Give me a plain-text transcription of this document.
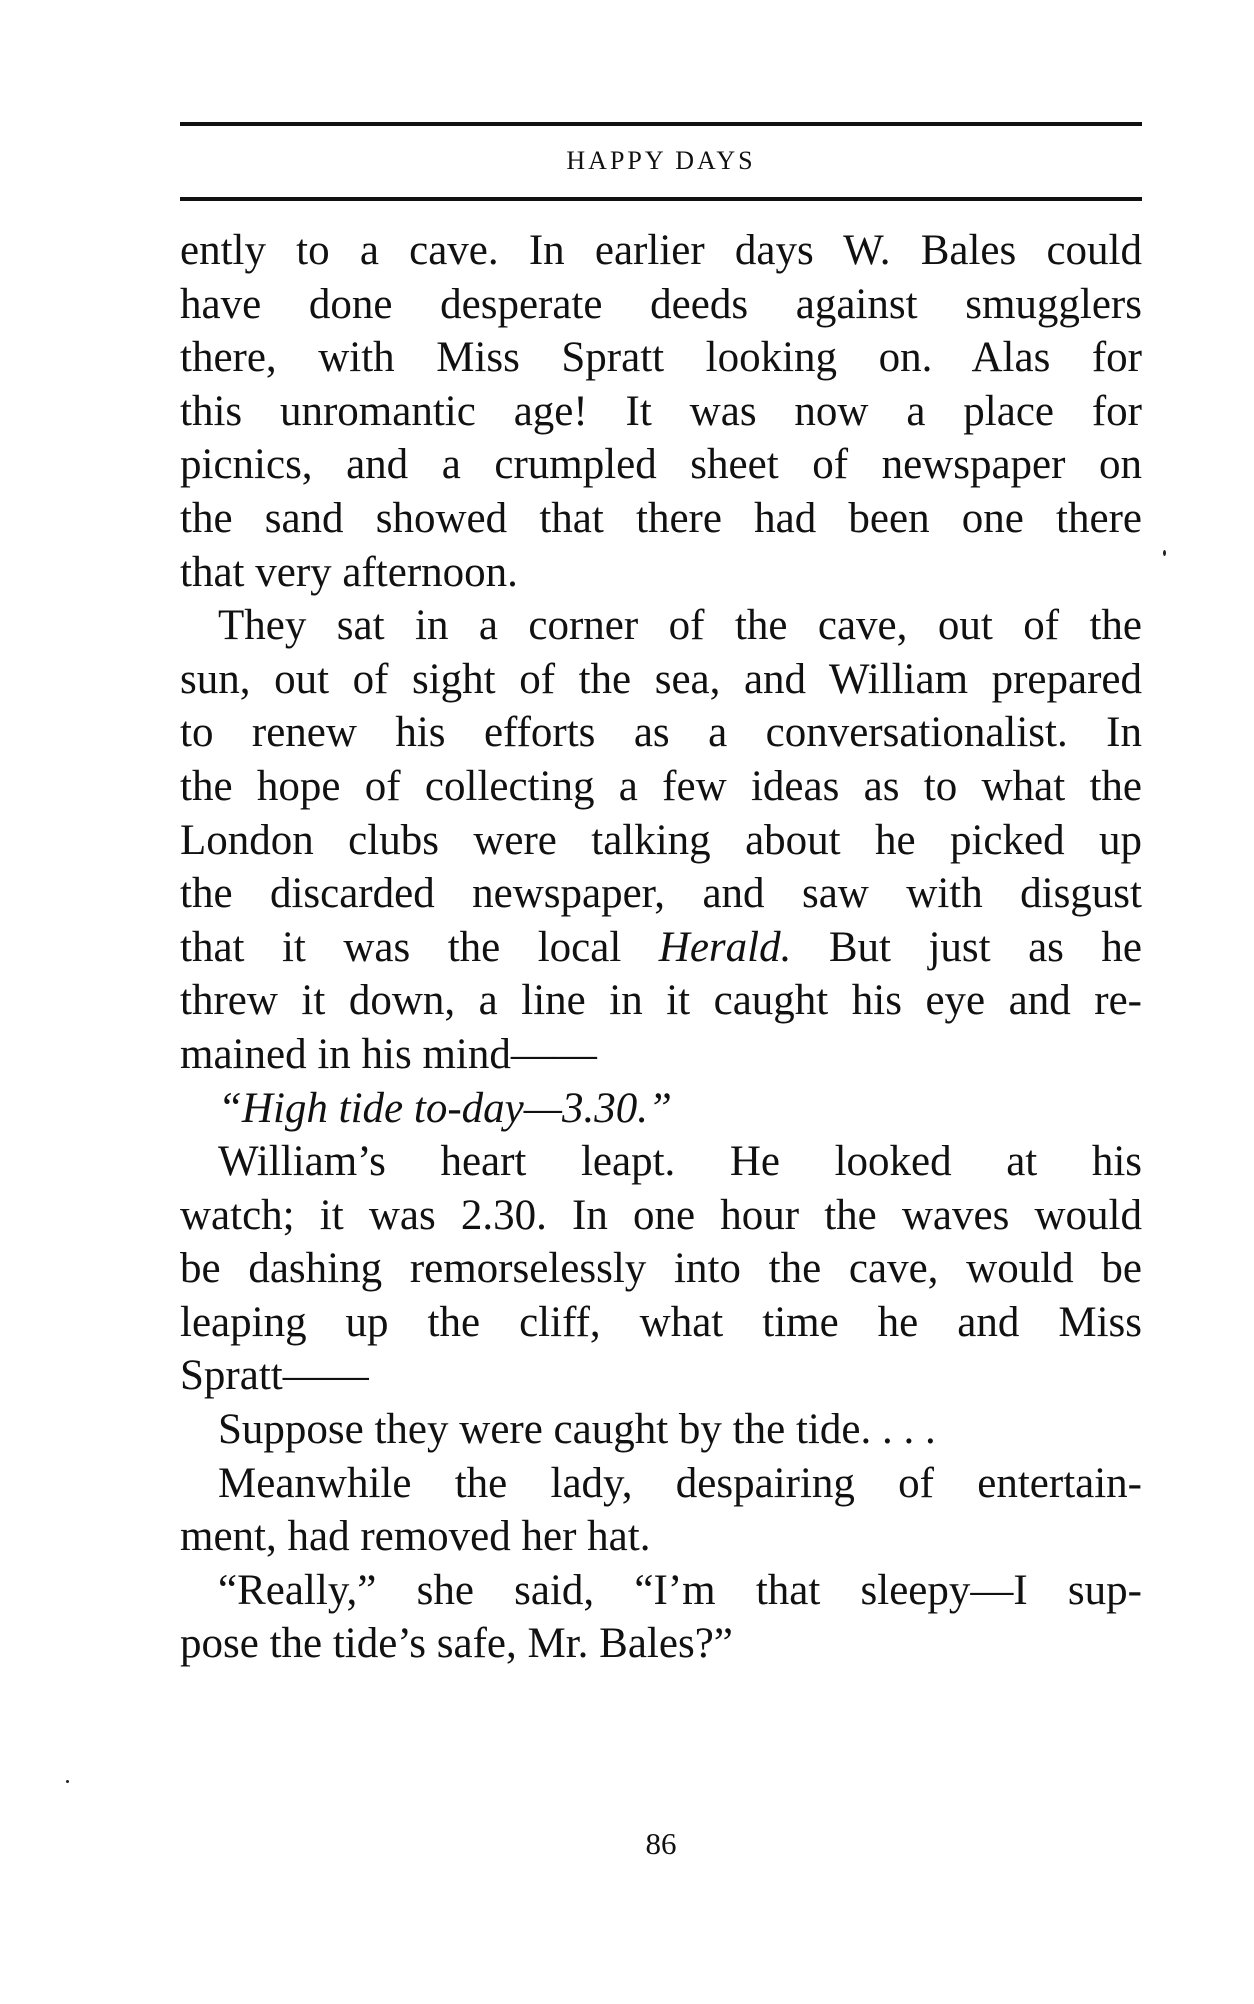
HAPPY DAYS
ently to a cave. In earlier days W. Bales could
have done desperate deeds against smugglers
there, with Miss Spratt looking on. Alas for
this unromantic age! It was now a place for
picnics, and a crumpled sheet of newspaper on
the sand showed that there had been one there
that very afternoon.
They sat in a corner of the cave, out of the
sun, out of sight of the sea, and William prepared
to renew his efforts as a conversationalist. In
the hope of collecting a few ideas as to what the
London clubs were talking about he picked up
the discarded newspaper, and saw with disgust
that it was the local Herald. But just as he
threw it down, a line in it caught his eye and re-
mained in his mind——
“High tide to-day—3.30.”
William’s heart leapt. He looked at his
watch; it was 2.30. In one hour the waves would
be dashing remorselessly into the cave, would be
leaping up the cliff, what time he and Miss
Spratt——
Suppose they were caught by the tide. . . .
Meanwhile the lady, despairing of entertain-
ment, had removed her hat.
“Really,” she said, “I’m that sleepy—I sup-
pose the tide’s safe, Mr. Bales?”
86
